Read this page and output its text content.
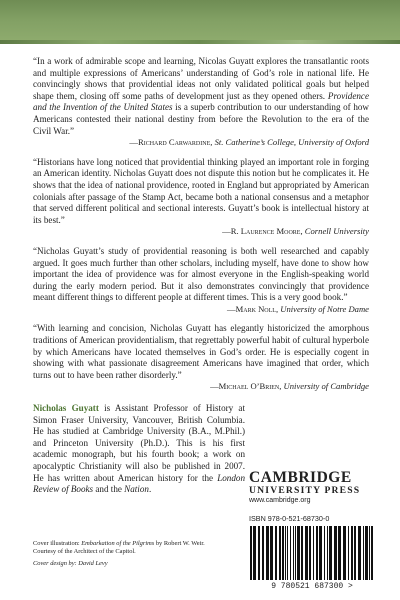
“In a work of admirable scope and learning, Nicolas Guyatt explores the transatlantic roots and multiple expressions of Americans’ understanding of God’s role in national life. He convincingly shows that providential ideas not only validated political goals but helped shape them, closing off some paths of development just as they opened others. Providence and the Invention of the United States is a superb contribution to our understanding of how Americans contested their national destiny from before the Revolution to the era of the Civil War.”

—Richard Carwardine, St. Catherine’s College, University of Oxford

“Historians have long noticed that providential thinking played an important role in forging an American identity. Nicholas Guyatt does not dispute this notion but he complicates it. He shows that the idea of national providence, rooted in England but appropriated by American colonials after passage of the Stamp Act, became both a national consensus and a metaphor that served different political and sectional interests. Guyatt’s book is intellectual history at its best.”

—R. Laurence Moore, Cornell University

“Nicholas Guyatt’s study of providential reasoning is both well researched and capably argued. It goes much further than other scholars, including myself, have done to show how important the idea of providence was for almost everyone in the English-speaking world during the early modern period. But it also demonstrates convincingly that providence meant different things to different people at different times. This is a very good book.”

—Mark Noll, University of Notre Dame

“With learning and concision, Nicholas Guyatt has elegantly historicized the amorphous traditions of American providentialism, that regrettably powerful habit of cultural hyperbole by which Americans have located themselves in God’s order. He is especially cogent in showing with what passionate disagreement Americans have imagined that order, which turns out to have been rather disorderly.”

—Michael O’Brien, University of Cambridge
Nicholas Guyatt is Assistant Professor of History at Simon Fraser University, Vancouver, British Columbia. He has studied at Cambridge University (B.A., M.Phil.) and Princeton University (Ph.D.). This is his first academic monograph, but his fourth book; a work on apocalyptic Christianity will also be published in 2007. He has written about American history for the London Review of Books and the Nation.
CAMBRIDGE
UNIVERSITY PRESS
www.cambridge.org
ISBN 978-0-521-68730-0
9 780521 687300 >

Cover illustration: Embarkation of the Pilgrims by Robert W. Weir.

Courtesy of the Architect of the Capitol.

Cover design by: David Levy
